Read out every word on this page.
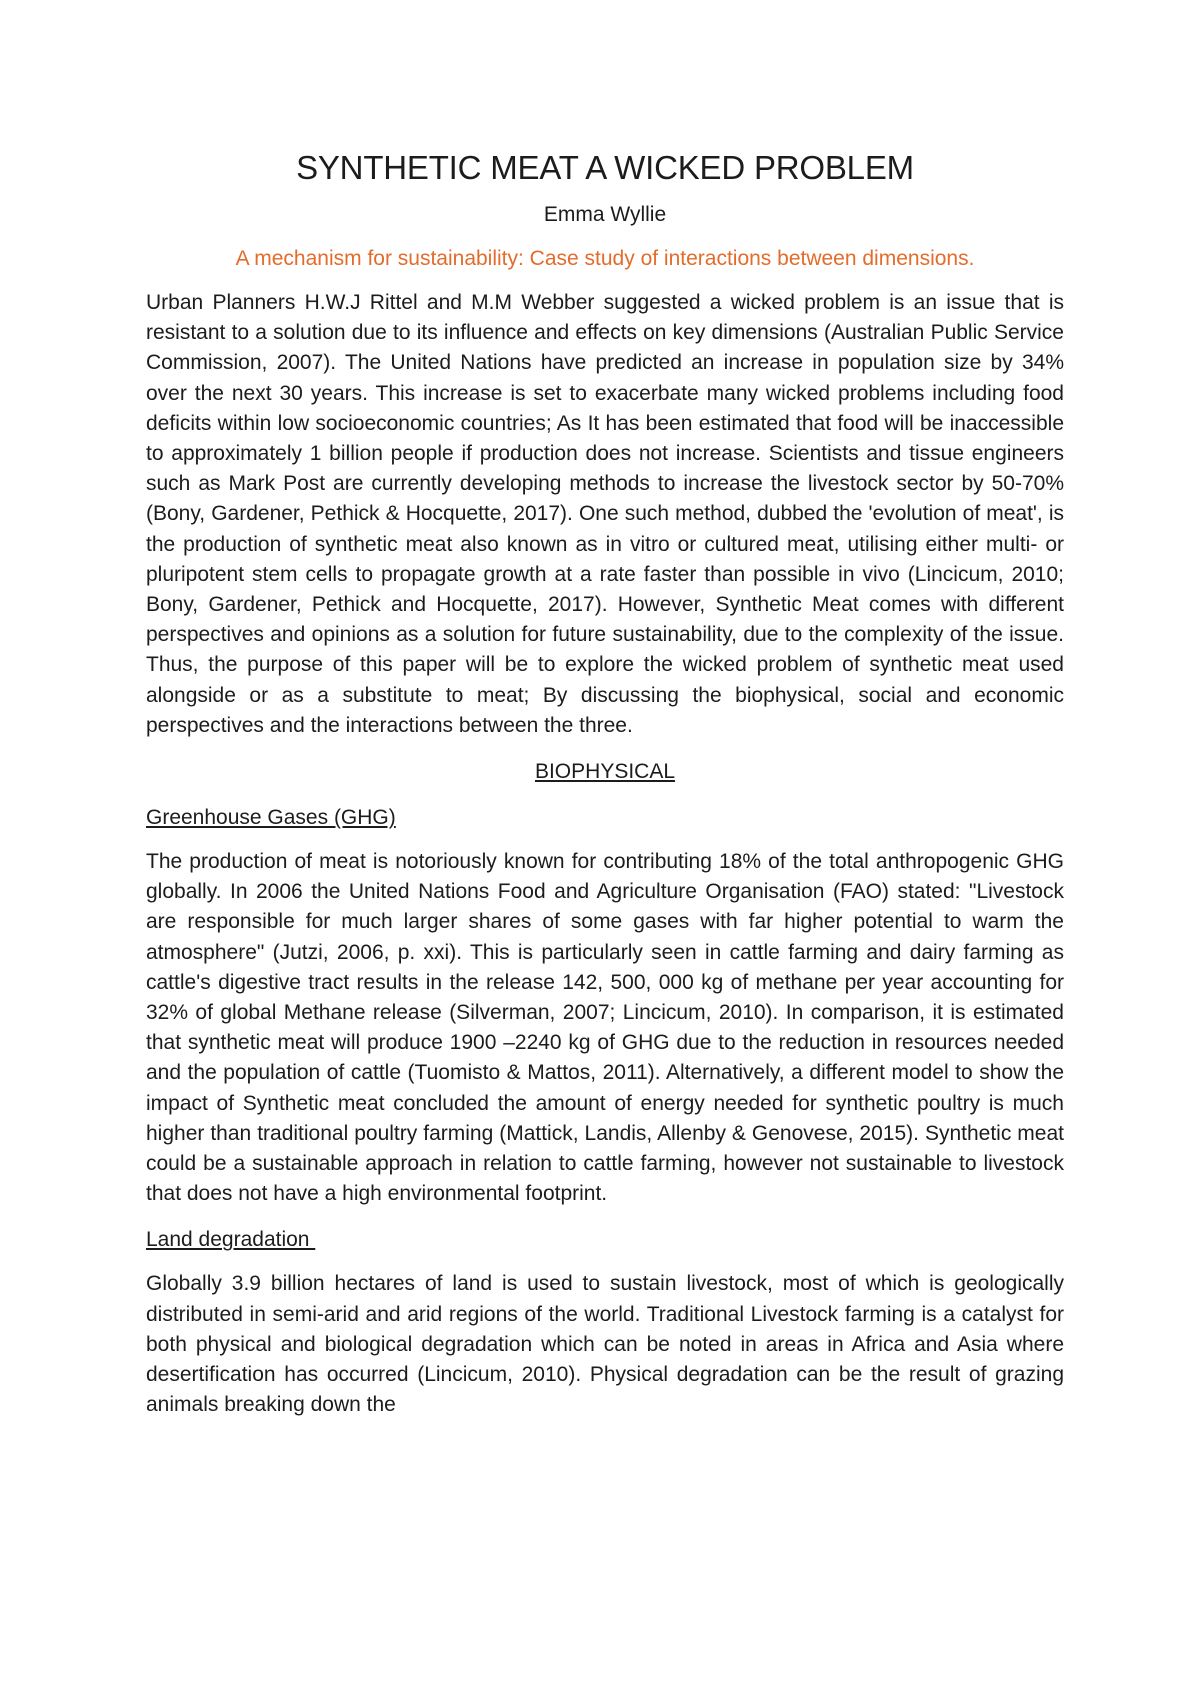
SYNTHETIC MEAT A WICKED PROBLEM
Emma Wyllie
A mechanism for sustainability: Case study of interactions between dimensions.

Urban Planners H.W.J Rittel and M.M Webber suggested a wicked problem is an issue that is resistant to a solution due to its influence and effects on key dimensions (Australian Public Service Commission, 2007). The United Nations have predicted an increase in population size by 34% over the next 30 years. This increase is set to exacerbate many wicked problems including food deficits within low socioeconomic countries; As It has been estimated that food will be inaccessible to approximately 1 billion people if production does not increase. Scientists and tissue engineers such as Mark Post are currently developing methods to increase the livestock sector by 50-70% (Bony, Gardener, Pethick & Hocquette, 2017). One such method, dubbed the 'evolution of meat', is the production of synthetic meat also known as in vitro or cultured meat, utilising either multi- or pluripotent stem cells to propagate growth at a rate faster than possible in vivo (Lincicum, 2010; Bony, Gardener, Pethick and Hocquette, 2017). However, Synthetic Meat comes with different perspectives and opinions as a solution for future sustainability, due to the complexity of the issue. Thus, the purpose of this paper will be to explore the wicked problem of synthetic meat used alongside or as a substitute to meat; By discussing the biophysical, social and economic perspectives and the interactions between the three.

BIOPHYSICAL
Greenhouse Gases (GHG)

The production of meat is notoriously known for contributing 18% of the total anthropogenic GHG globally. In 2006 the United Nations Food and Agriculture Organisation (FAO) stated: "Livestock are responsible for much larger shares of some gases with far higher potential to warm the atmosphere" (Jutzi, 2006, p. xxi). This is particularly seen in cattle farming and dairy farming as cattle's digestive tract results in the release 142, 500, 000 kg of methane per year accounting for 32% of global Methane release (Silverman, 2007; Lincicum, 2010). In comparison, it is estimated that synthetic meat will produce 1900 –2240 kg of GHG due to the reduction in resources needed and the population of cattle (Tuomisto & Mattos, 2011). Alternatively, a different model to show the impact of Synthetic meat concluded the amount of energy needed for synthetic poultry is much higher than traditional poultry farming (Mattick, Landis, Allenby & Genovese, 2015). Synthetic meat could be a sustainable approach in relation to cattle farming, however not sustainable to livestock that does not have a high environmental footprint.

Land degradation

Globally 3.9 billion hectares of land is used to sustain livestock, most of which is geologically distributed in semi-arid and arid regions of the world. Traditional Livestock farming is a catalyst for both physical and biological degradation which can be noted in areas in Africa and Asia where desertification has occurred (Lincicum, 2010). Physical degradation can be the result of grazing animals breaking down the
